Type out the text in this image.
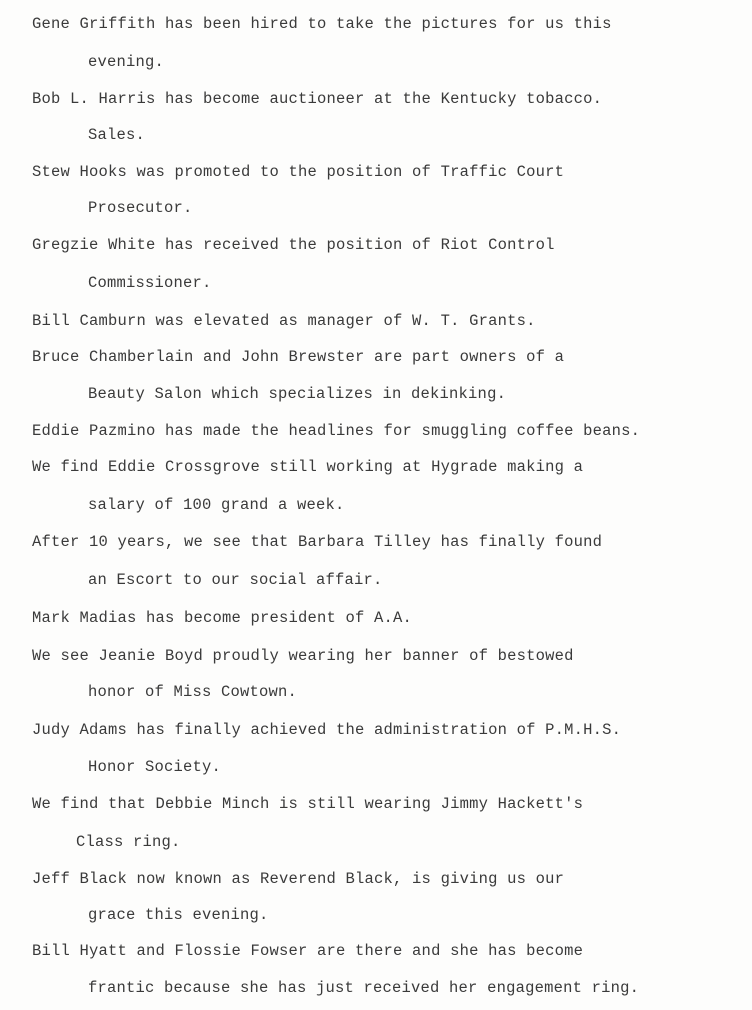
Gene Griffith has been hired to take the pictures for us this
evening.
Bob L. Harris has become auctioneer at the Kentucky tobacco.
Sales.
Stew Hooks was promoted to the position of Traffic Court
Prosecutor.
Gregzie White has received the position of Riot Control
Commissioner.
Bill Camburn was elevated as manager of W. T. Grants.
Bruce Chamberlain and John Brewster are part owners of a
Beauty Salon which specializes in dekinking.
Eddie Pazmino has made the headlines for smuggling coffee beans.
We find Eddie Crossgrove still working at Hygrade making a
salary of 100 grand a week.
After 10 years, we see that Barbara Tilley has finally found
an Escort to our social affair.
Mark Madias has become president of A.A.
We see Jeanie Boyd proudly wearing her banner of bestowed
honor of Miss Cowtown.
Judy Adams has finally achieved the administration of P.M.H.S.
Honor Society.
We find that Debbie Minch is still wearing Jimmy Hackett's
Class ring.
Jeff Black now known as Reverend Black, is giving us our
grace this evening.
Bill Hyatt and Flossie Fowser are there and she has become
frantic because she has just received her engagement ring.
